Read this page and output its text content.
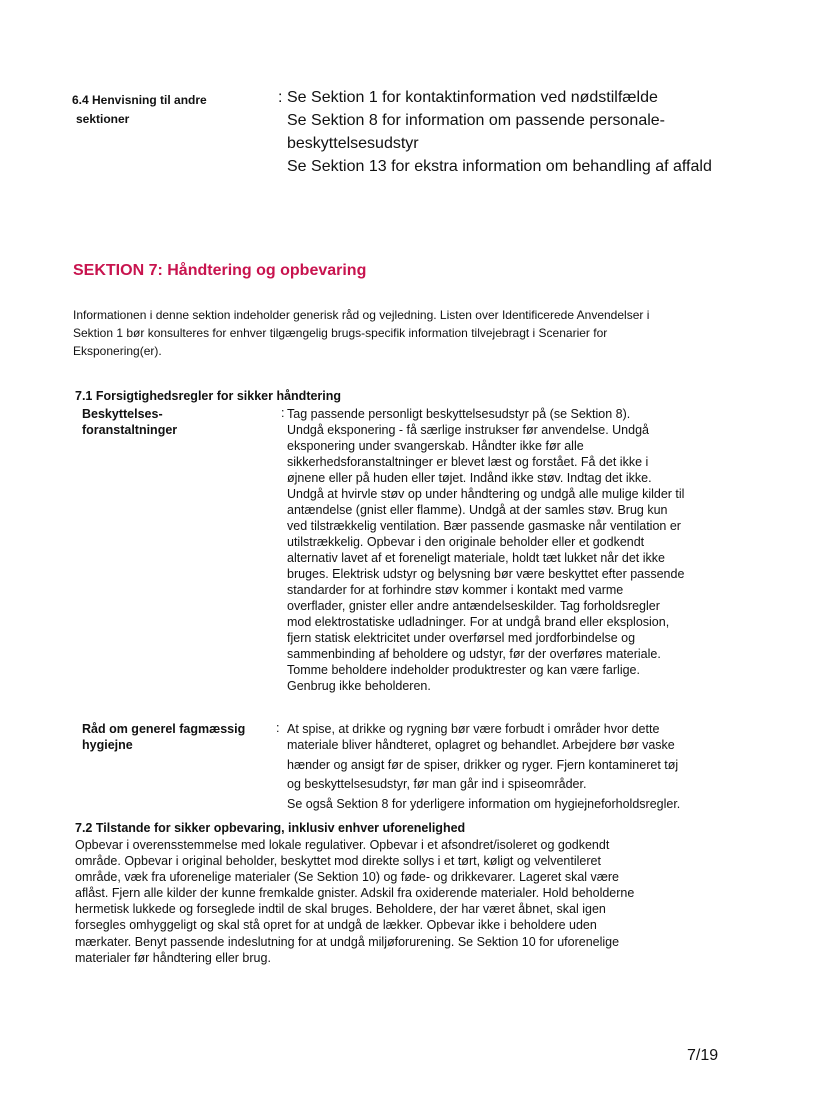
6.4 Henvisning til andre
sektioner
: Se Sektion 1 for kontaktinformation ved nødstilfælde
Se Sektion 8 for information om passende personale-
beskyttelsesudstyr
Se Sektion 13 for ekstra information om behandling af affald
SEKTION 7: Håndtering og opbevaring
Informationen i denne sektion indeholder generisk råd og vejledning. Listen over Identificerede Anvendelser i
Sektion 1 bør konsulteres for enhver tilgængelig brugs-specifik information tilvejebragt i Scenarier for
Eksponering(er).
7.1 Forsigtighedsregler for sikker håndtering
Beskyttelses-
foranstaltninger
: Tag passende personligt beskyttelsesudstyr på (se Sektion 8).
Undgå eksponering - få særlige instrukser før anvendelse. Undgå
eksponering under svangerskab. Håndter ikke før alle
sikkerhedsforanstaltninger er blevet læst og forstået. Få det ikke i
øjnene eller på huden eller tøjet. Indånd ikke støv. Indtag det ikke.
Undgå at hvirvle støv op under håndtering og undgå alle mulige kilder til
antændelse (gnist eller flamme). Undgå at der samles støv. Brug kun
ved tilstrækkelig ventilation. Bær passende gasmaske når ventilation er
utilstrækkelig. Opbevar i den originale beholder eller et godkendt
alternativ lavet af et foreneligt materiale, holdt tæt lukket når det ikke
bruges. Elektrisk udstyr og belysning bør være beskyttet efter passende
standarder for at forhindre støv kommer i kontakt med varme
overflader, gnister eller andre antændelseskilder. Tag forholdsregler
mod elektrostatiske udladninger. For at undgå brand eller eksplosion,
fjern statisk elektricitet under overførsel med jordforbindelse og
sammenbinding af beholdere og udstyr, før der overføres materiale.
Tomme beholdere indeholder produktrester og kan være farlige.
Genbrug ikke beholderen.
Råd om generel fagmæssig
hygiejne
: At spise, at drikke og rygning bør være forbudt i områder hvor dette
materiale bliver håndteret, oplagret og behandlet. Arbejdere bør vaske
hænder og ansigt før de spiser, drikker og ryger. Fjern kontamineret tøj
og beskyttelsesudstyr, før man går ind i spiseområder.
Se også Sektion 8 for yderligere information om hygiejneforholdsregler.
7.2 Tilstande for sikker opbevaring, inklusiv enhver uforenelighed
Opbevar i overensstemmelse med lokale regulativer. Opbevar i et afsondret/isoleret og godkendt
område. Opbevar i original beholder, beskyttet mod direkte sollys i et tørt, køligt og velventileret
område, væk fra uforenelige materialer (Se Sektion 10) og føde- og drikkevarer. Lageret skal være
aflåst. Fjern alle kilder der kunne fremkalde gnister. Adskil fra oxiderende materialer. Hold beholderne
hermetisk lukkede og forseglede indtil de skal bruges. Beholdere, der har været åbnet, skal igen
forsegles omhyggeligt og skal stå opret for at undgå de lækker. Opbevar ikke i beholdere uden
mærkater. Benyt passende indeslutning for at undgå miljøforurening. Se Sektion 10 for uforenelige
materialer før håndtering eller brug.
7/19
